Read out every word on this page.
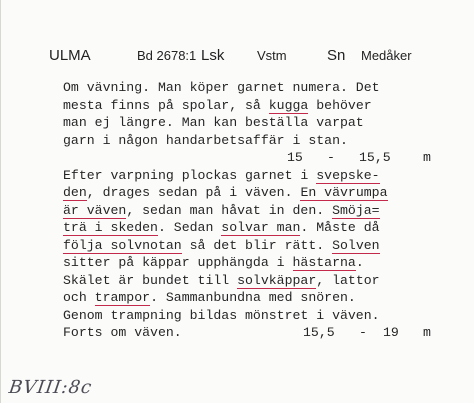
ULMA	Bd 2678:1 Lsk	Vstm	Sn Medåker
Om vävning. Man köper garnet numera. Det
mesta finns på spolar, så kugga behöver
man ej längre. Man kan beställa varpat
garn i någon handarbetsaffär i stan.

15

-

15,5

m

Efter varpning plockas garnet i svepske-
den, drages sedan på i väven. En vävrumpa
är väven, sedan man håvat in den. Smöja=
trä i skeden. Sedan solvar man. Måste då
följa solvnotan så det blir rätt. Solven
sitter på käppar upphängda i hästarna.
Skälet är bundet till solvkäppar, lattor
och trampor. Sammanbundna med snören.
Genom trampning bildas mönstret i väven.

Forts om väven.

	15,5

-

19

m

BVIII:8c
